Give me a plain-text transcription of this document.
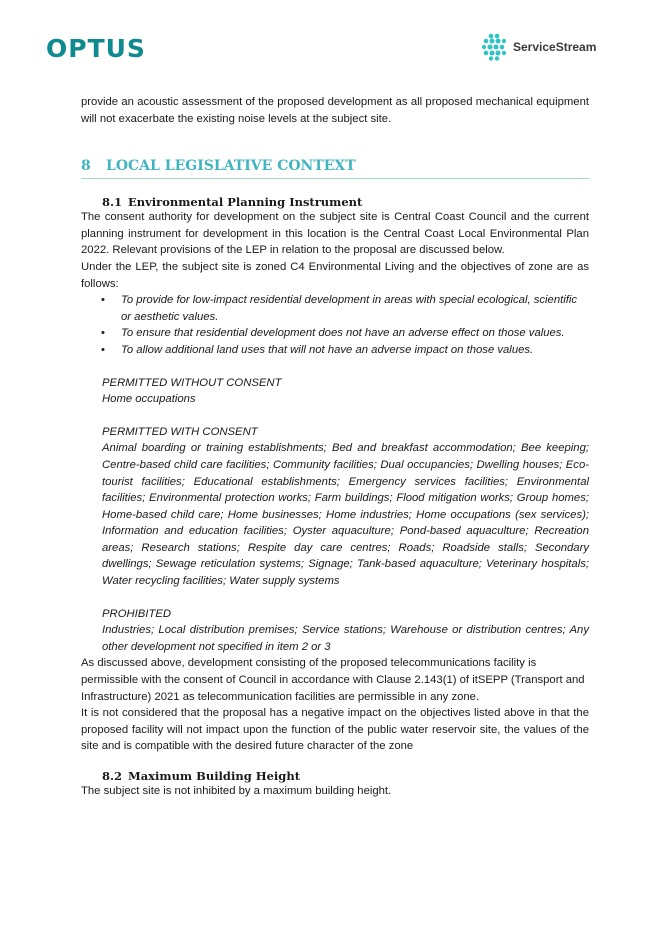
OPTUS	ServiceStream

provide an acoustic assessment of the proposed development as all proposed mechanical equipment will not exacerbate the existing noise levels at the subject site.

8	LOCAL LEGISLATIVE CONTEXT
8.1 Environmental Planning Instrument

The consent authority for development on the subject site is Central Coast Council and the current planning instrument for development in this location is the Central Coast Local Environmental Plan 2022. Relevant provisions of the LEP in relation to the proposal are discussed below.

Under the LEP, the subject site is zoned C4 Environmental Living and the objectives of zone are as follows:

• To provide for low-impact residential development in areas with special ecological, scientific or aesthetic values.
• To ensure that residential development does not have an adverse effect on those values.
• To allow additional land uses that will not have an adverse impact on those values.
PERMITTED WITHOUT CONSENT
Home occupations
PERMITTED WITH CONSENT
Animal boarding or training establishments; Bed and breakfast accommodation; Bee keeping; Centre-based child care facilities; Community facilities; Dual occupancies; Dwelling houses; Eco-tourist facilities; Educational establishments; Emergency services facilities; Environmental facilities; Environmental protection works; Farm buildings; Flood mitigation works; Group homes; Home-based child care; Home businesses; Home industries; Home occupations (sex services); Information and education facilities; Oyster aquaculture; Pond-based aquaculture; Recreation areas; Research stations; Respite day care centres; Roads; Roadside stalls; Secondary dwellings; Sewage reticulation systems; Signage; Tank-based aquaculture; Veterinary hospitals; Water recycling facilities; Water supply systems
PROHIBITED
Industries; Local distribution premises; Service stations; Warehouse or distribution centres; Any other development not specified in item 2 or 3

As discussed above, development consisting of the proposed telecommunications facility is permissible with the consent of Council in accordance with Clause 2.143(1) of itSEPP (Transport and Infrastructure) 2021 as telecommunication facilities are permissible in any zone.

It is not considered that the proposal has a negative impact on the objectives listed above in that the proposed facility will not impact upon the function of the public water reservoir site, the values of the site and is compatible with the desired future character of the zone

8.2 Maximum Building Height

The subject site is not inhibited by a maximum building height.
